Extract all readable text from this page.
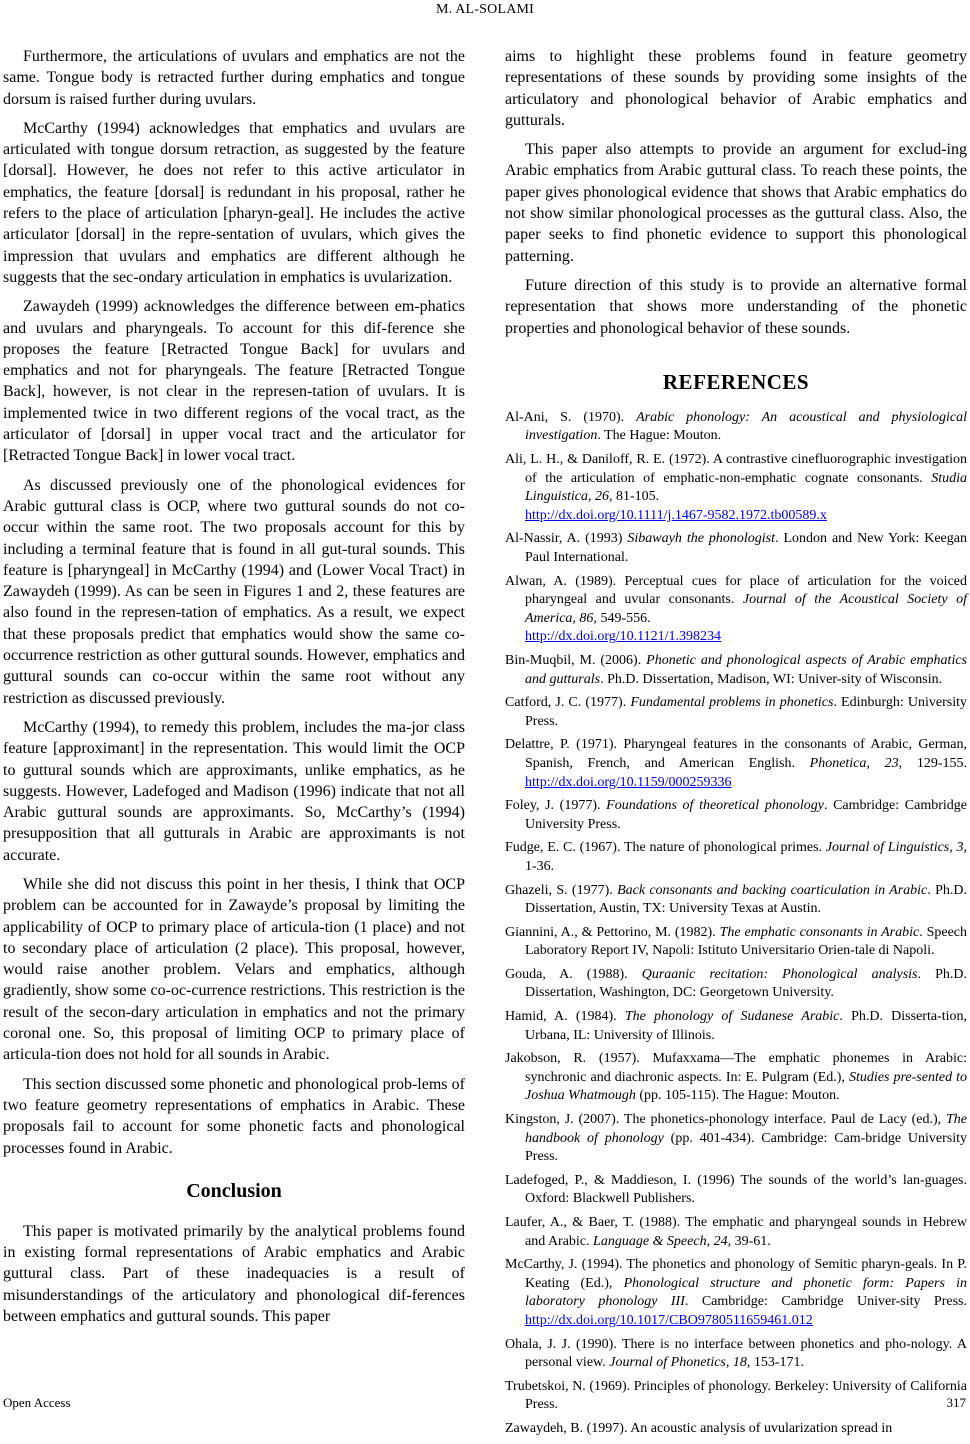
M. AL-SOLAMI

Furthermore, the articulations of uvulars and emphatics are not the same. Tongue body is retracted further during emphatics and tongue dorsum is raised further during uvulars.

McCarthy (1994) acknowledges that emphatics and uvulars are articulated with tongue dorsum retraction, as suggested by the feature [dorsal]. However, he does not refer to this active articulator in emphatics, the feature [dorsal] is redundant in his proposal, rather he refers to the place of articulation [pharyn-geal]. He includes the active articulator [dorsal] in the repre-sentation of uvulars, which gives the impression that uvulars and emphatics are different although he suggests that the sec-ondary articulation in emphatics is uvularization.

Zawaydeh (1999) acknowledges the difference between em-phatics and uvulars and pharyngeals. To account for this dif-ference she proposes the feature [Retracted Tongue Back] for uvulars and emphatics and not for pharyngeals. The feature [Retracted Tongue Back], however, is not clear in the represen-tation of uvulars. It is implemented twice in two different regions of the vocal tract, as the articulator of [dorsal] in upper vocal tract and the articulator for [Retracted Tongue Back] in lower vocal tract.

As discussed previously one of the phonological evidences for Arabic guttural class is OCP, where two guttural sounds do not co-occur within the same root. The two proposals account for this by including a terminal feature that is found in all gut-tural sounds. This feature is [pharyngeal] in McCarthy (1994) and (Lower Vocal Tract) in Zawaydeh (1999). As can be seen in Figures 1 and 2, these features are also found in the represen-tation of emphatics. As a result, we expect that these proposals predict that emphatics would show the same co-occurrence restriction as other guttural sounds. However, emphatics and guttural sounds can co-occur within the same root without any restriction as discussed previously.

McCarthy (1994), to remedy this problem, includes the ma-jor class feature [approximant] in the representation. This would limit the OCP to guttural sounds which are approximants, unlike emphatics, as he suggests. However, Ladefoged and Madison (1996) indicate that not all Arabic guttural sounds are approximants. So, McCarthy’s (1994) presupposition that all gutturals in Arabic are approximants is not accurate.

While she did not discuss this point in her thesis, I think that OCP problem can be accounted for in Zawayde’s proposal by limiting the applicability of OCP to primary place of articula-tion (1 place) and not to secondary place of articulation (2 place). This proposal, however, would raise another problem. Velars and emphatics, although gradiently, show some co-oc-currence restrictions. This restriction is the result of the secon-dary articulation in emphatics and not the primary coronal one. So, this proposal of limiting OCP to primary place of articula-tion does not hold for all sounds in Arabic.

This section discussed some phonetic and phonological prob-lems of two feature geometry representations of emphatics in Arabic. These proposals fail to account for some phonetic facts and phonological processes found in Arabic.

Conclusion

This paper is motivated primarily by the analytical problems found in existing formal representations of Arabic emphatics and Arabic guttural class. Part of these inadequacies is a result of misunderstandings of the articulatory and phonological dif-ferences between emphatics and guttural sounds. This paper

aims to highlight these problems found in feature geometry representations of these sounds by providing some insights of the articulatory and phonological behavior of Arabic emphatics and gutturals.

This paper also attempts to provide an argument for exclud-ing Arabic emphatics from Arabic guttural class. To reach these points, the paper gives phonological evidence that shows that Arabic emphatics do not show similar phonological processes as the guttural class. Also, the paper seeks to find phonetic evidence to support this phonological patterning.

Future direction of this study is to provide an alternative formal representation that shows more understanding of the phonetic properties and phonological behavior of these sounds.

REFERENCES
Al-Ani, S. (1970). Arabic phonology: An acoustical and physiological investigation. The Hague: Mouton.
Ali, L. H., & Daniloff, R. E. (1972). A contrastive cinefluorographic investigation of the articulation of emphatic-non-emphatic cognate consonants. Studia Linguistica, 26, 81-105.
http://dx.doi.org/10.1111/j.1467-9582.1972.tb00589.x
Al-Nassir, A. (1993) Sibawayh the phonologist. London and New York: Keegan Paul International.
Alwan, A. (1989). Perceptual cues for place of articulation for the voiced pharyngeal and uvular consonants. Journal of the Acoustical Society of America, 86, 549-556.
http://dx.doi.org/10.1121/1.398234
Bin-Muqbil, M. (2006). Phonetic and phonological aspects of Arabic emphatics and gutturals. Ph.D. Dissertation, Madison, WI: Univer-sity of Wisconsin.
Catford, J. C. (1977). Fundamental problems in phonetics. Edinburgh: University Press.
Delattre, P. (1971). Pharyngeal features in the consonants of Arabic, German, Spanish, French, and American English. Phonetica, 23, 129-155. http://dx.doi.org/10.1159/000259336
Foley, J. (1977). Foundations of theoretical phonology. Cambridge: Cambridge University Press.
Fudge, E. C. (1967). The nature of phonological primes. Journal of Linguistics, 3, 1-36.
Ghazeli, S. (1977). Back consonants and backing coarticulation in Arabic. Ph.D. Dissertation, Austin, TX: University Texas at Austin.
Giannini, A., & Pettorino, M. (1982). The emphatic consonants in Arabic. Speech Laboratory Report IV, Napoli: Istituto Universitario Orien-tale di Napoli.
Gouda, A. (1988). Quraanic recitation: Phonological analysis. Ph.D. Dissertation, Washington, DC: Georgetown University.
Hamid, A. (1984). The phonology of Sudanese Arabic. Ph.D. Disserta-tion, Urbana, IL: University of Illinois.
Jakobson, R. (1957). Mufaxxama—The emphatic phonemes in Arabic: synchronic and diachronic aspects. In: E. Pulgram (Ed.), Studies pre-sented to Joshua Whatmough (pp. 105-115). The Hague: Mouton.
Kingston, J. (2007). The phonetics-phonology interface. Paul de Lacy (ed.), The handbook of phonology (pp. 401-434). Cambridge: Cam-bridge University Press.
Ladefoged, P., & Maddieson, I. (1996) The sounds of the world’s lan-guages. Oxford: Blackwell Publishers.
Laufer, A., & Baer, T. (1988). The emphatic and pharyngeal sounds in Hebrew and Arabic. Language & Speech, 24, 39-61.
McCarthy, J. (1994). The phonetics and phonology of Semitic pharyn-geals. In P. Keating (Ed.), Phonological structure and phonetic form: Papers in laboratory phonology III. Cambridge: Cambridge Univer-sity Press. http://dx.doi.org/10.1017/CBO9780511659461.012
Ohala, J. J. (1990). There is no interface between phonetics and pho-nology. A personal view. Journal of Phonetics, 18, 153-171.
Trubetskoi, N. (1969). Principles of phonology. Berkeley: University of California Press.
Zawaydeh, B. (1997). An acoustic analysis of uvularization spread in
Open Access	317
